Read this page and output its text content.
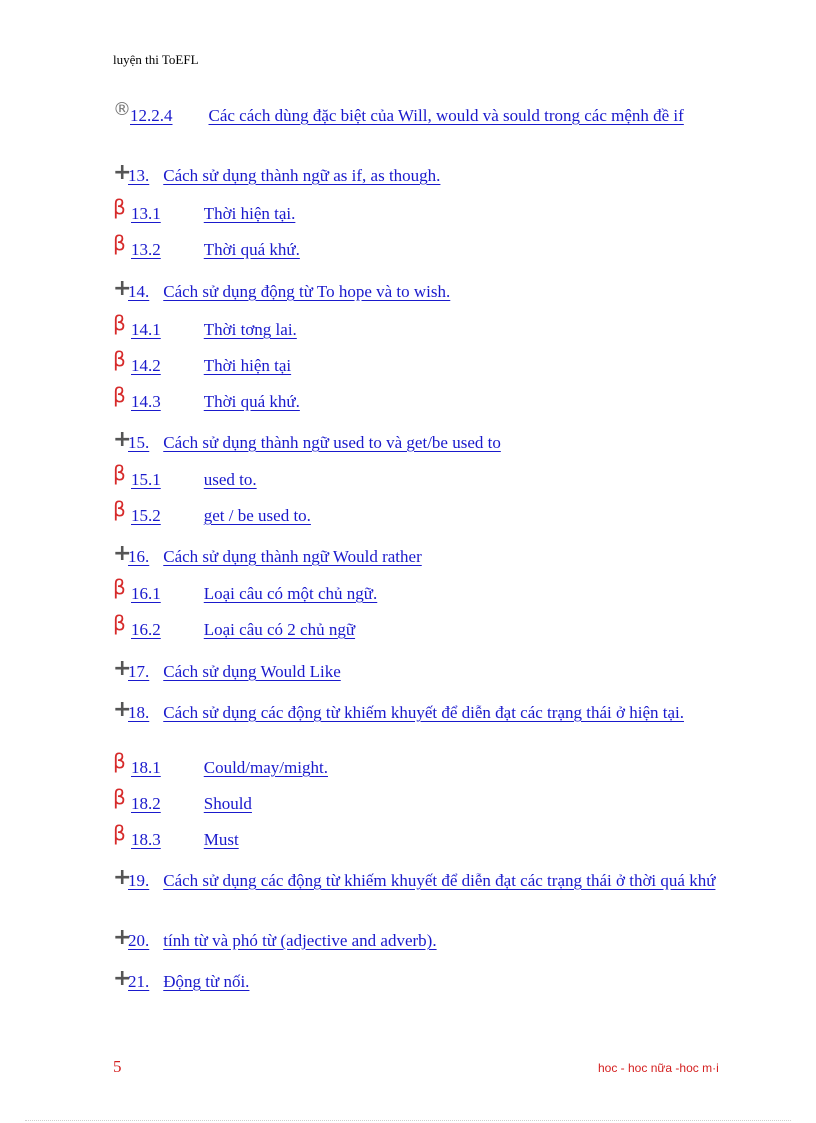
luyện thi ToEFL
® 12.2.4 Các cách dùng đặc biệt của Will, would và sould trong các mệnh đề if
+
13. Cách sử dụng thành ngữ as if, as though.
β 13.1	Thời hiện tại.
β 13.2	Thời quá khứ.
+
14. Cách sử dụng động từ To hope và to wish.
β 14.1	Thời tơng lai.
β 14.2	Thời hiện tại
β 14.3	Thời quá khứ.
+
15. Cách sử dụng thành ngữ used to và get/be used to
β 15.1	used to.
β 15.2	get / be used to.
+
16. Cách sử dụng thành ngữ Would rather
β 16.1	Loại câu có một chủ ngữ.
β 16.2	Loại câu có 2 chủ ngữ
+
17. Cách sử dụng Would Like
+
18. Cách sử dụng các động từ khiếm khuyết để diễn đạt các trạng thái ở hiện tại.
β 18.1	Could/may/might.
β 18.2	Should
β 18.3	Must
+
19. Cách sử dụng các động từ khiếm khuyết để diễn đạt các trạng thái ở thời quá khứ
+
20. tính từ và phó từ (adjective and adverb).
+
21. Động từ nối.
5	hoc - hoc nữa -hoc m·i
